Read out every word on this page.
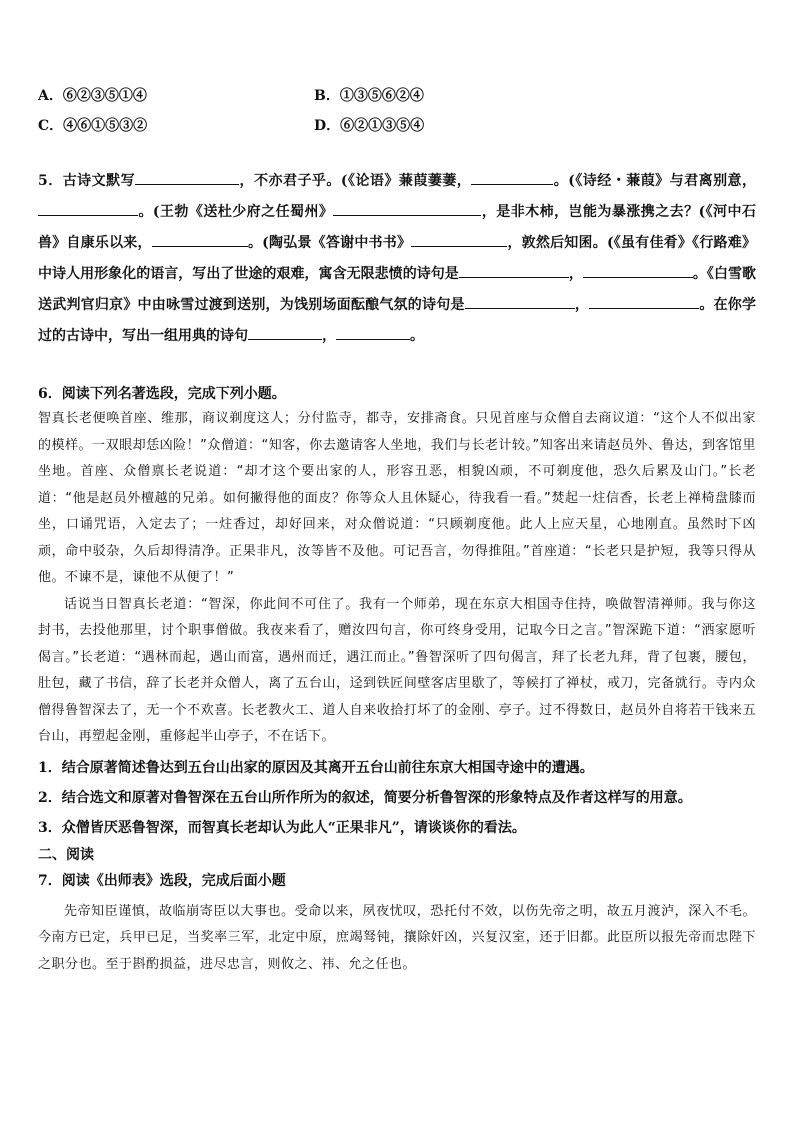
A．⑥②③⑤①④	B．①③⑤⑥②④
C．④⑥①⑤③②	D．⑥②①③⑤④
5．古诗文默写	，不亦君子乎。(《论语》蒹葭萋萋，	。(《诗经・蒹葭》与君离别意，。(王勃《送杜少府之任蜀州》	，是非木柿，岂能为暴涨携之去？(《河中石兽》自康乐以来，	。(陶弘景《答谢中书书》	，敦然后知囷。(《虽有佳肴》《行路难》中诗人用形象化的语言，写出了世途的艰难，寓含无限悲愤的诗句是	，	。《白雪歌送武判官归京》中由咏雪过渡到送别，为饯别场面酝酿气氛的诗句是	，	。在你学过的古诗中，写出一组用典的诗句	，	。
6．阅读下列名著选段，完成下列小题。
智真长老便唤首座、维那，商议剃度这人；分付监寺，都寺，安排斋食。只见首座与众僧自去商议道：“这个人不似出家的模样。一双眼却恁凶险！”众僧道：“知客，你去邀请客人坐地，我们与长老计较。”知客出来请赵员外、鲁达，到客馆里坐地。首座、众僧禀长老说道：“却才这个要出家的人，形容丑恶，相貌凶顽，不可剃度他，恐久后累及山门。”长老道：“他是赵员外檀越的兄弟。如何撇得他的面皮？你等众人且休疑心，待我看一看。”焚起一炷信香，长老上禅椅盘膝而坐，口诵咒语，入定去了；一炷香过，却好回来，对众僧说道：“只顾剃度他。此人上应天星，心地刚直。虽然时下凶顽，命中驳杂，久后却得清净。正果非凡，汝等皆不及他。可记吾言，勿得推阻。”首座道：“长老只是护短，我等只得从他。不谏不是，谏他不从便了！”
话说当日智真长老道：“智深，你此间不可住了。我有一个师弟，现在东京大相国寺住持，唤做智清禅师。我与你这封书，去投他那里，讨个职事僧做。我夜来看了，赠汝四句言，你可终身受用，记取今日之言。”智深跪下道：“洒家愿听偈言。”长老道：“遇林而起，遇山而富，遇州而迁，遇江而止。”鲁智深听了四句偈言，拜了长老九拜，背了包裹，腰包，肚包，藏了书信，辞了长老并众僧人，离了五台山，迳到铁匠间壁客店里歇了，等候打了禅杖，戒刀，完备就行。寺内众僧得鲁智深去了，无一个不欢喜。长老教火工、道人自来收拾打坏了的金刚、亭子。过不得数日，赵员外自将若干钱来五台山，再塑起金刚，重修起半山亭子，不在话下。
1．结合原著简述鲁达到五台山出家的原因及其离开五台山前往东京大相国寺途中的遭遇。
2．结合选文和原著对鲁智深在五台山所作所为的叙述，简要分析鲁智深的形象特点及作者这样写的用意。
3．众僧皆厌恶鲁智深，而智真长老却认为此人“正果非凡”，请谈谈你的看法。
二、阅读
7．阅读《出师表》选段，完成后面小题
先帝知臣谨慎，故临崩寄臣以大事也。受命以来，夙夜忧叹，恐托付不效，以伤先帝之明，故五月渡泸，深入不毛。今南方已定，兵甲已足，当奖率三军，北定中原，庶竭驽钝，攘除奸凶，兴复汉室，还于旧都。此臣所以报先帝而忠陛下之职分也。至于斟酌损益，进尽忠言，则攸之、祎、允之任也。
